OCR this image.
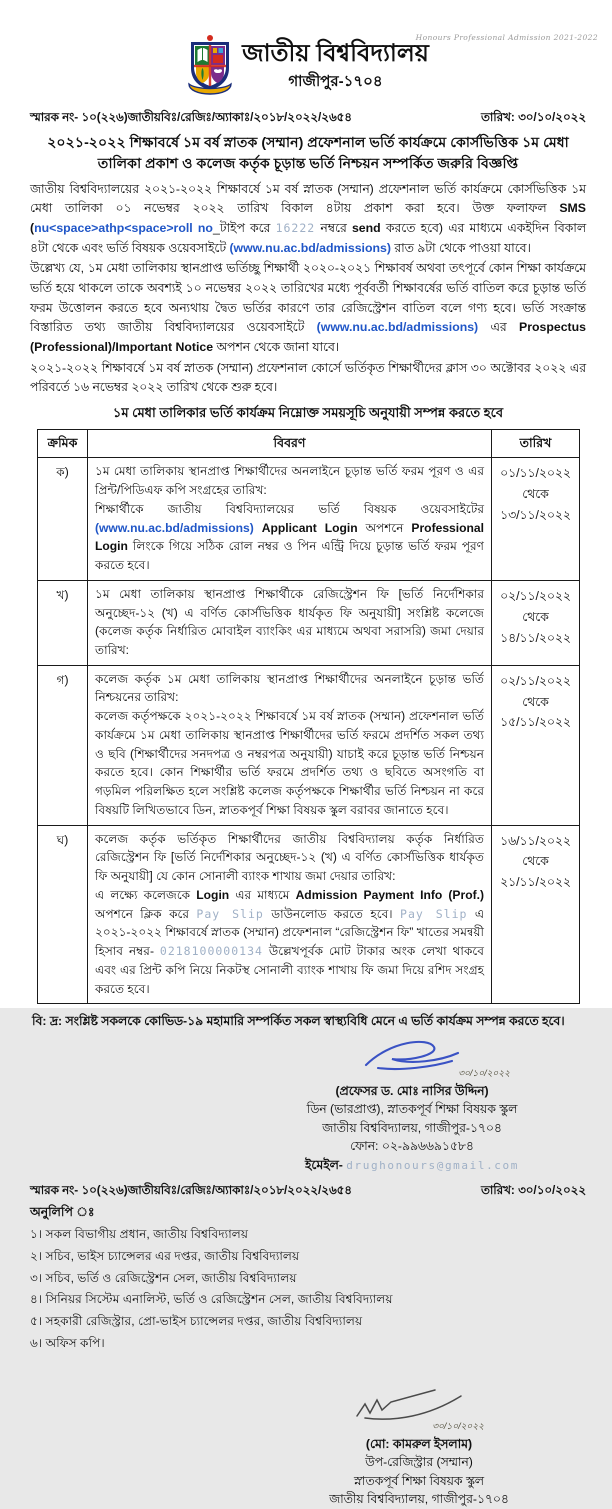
Honours Professional Admission 2021-2022
জাতীয় বিশ্ববিদ্যালয়
গাজীপুর-১৭০৪
স্মারক নং- ১০(২২৬)জাতীয়বিঃ/রেজিঃ/অ্যাকাঃ/২০১৮/২০২২/২৬৫৪	তারিখ: ৩০/১০/২০২২
২০২১-২০২২ শিক্ষাবর্ষে ১ম বর্ষ স্নাতক (সম্মান) প্রফেশনাল ভর্তি কার্যক্রমে কোর্সভিত্তিক ১ম মেধা তালিকা প্রকাশ ও কলেজ কর্তৃক চূড়ান্ত ভর্তি নিশ্চয়ন সম্পর্কিত জরুরি বিজ্ঞপ্তি
জাতীয় বিশ্ববিদ্যালয়ের ২০২১-২০২২ শিক্ষাবর্ষে ১ম বর্ষ স্নাতক (সম্মান) প্রফেশনাল ভর্তি কার্যক্রমে কোর্সভিত্তিক ১ম মেধা তালিকা ০১ নভেম্বর ২০২২ তারিখ বিকাল ৪টায় প্রকাশ করা হবে। উক্ত ফলাফল SMS (nu<space>athp<space>roll no_টাইপ করে 16222 নম্বরে send করতে হবে) এর মাধ্যমে একইদিন বিকাল ৪টা থেকে এবং ভর্তি বিষয়ক ওয়েবসাইটে (www.nu.ac.bd/admissions) রাত ৯টা থেকে পাওয়া যাবে।
উল্লেখ্য যে, ১ম মেধা তালিকায় স্থানপ্রাপ্ত ভর্তিচ্ছু শিক্ষার্থী ২০২০-২০২১ শিক্ষাবর্ষ অথবা তৎপূর্বে কোন শিক্ষা কার্যক্রমে ভর্তি হয়ে থাকলে তাকে অবশ্যই ১০ নভেম্বর ২০২২ তারিখের মধ্যে পূর্ববর্তী শিক্ষাবর্ষের ভর্তি বাতিল করে চূড়ান্ত ভর্তি ফরম উত্তোলন করতে হবে অন্যথায় দ্বৈত ভর্তির কারণে তার রেজিস্ট্রেশন বাতিল বলে গণ্য হবে। ভর্তি সংক্রান্ত বিস্তারিত তথ্য জাতীয় বিশ্ববিদ্যালয়ের ওয়েবসাইটে (www.nu.ac.bd/admissions) এর Prospectus (Professional)/Important Notice অপশন থেকে জানা যাবে।
২০২১-২০২২ শিক্ষাবর্ষে ১ম বর্ষ স্নাতক (সম্মান) প্রফেশনাল কোর্সে ভর্তিকৃত শিক্ষার্থীদের ক্লাস ৩০ অক্টোবর ২০২২ এর পরিবর্তে ১৬ নভেম্বর ২০২২ তারিখ থেকে শুরু হবে।
১ম মেধা তালিকার ভর্তি কার্যক্রম নিম্নোক্ত সময়সূচি অনুযায়ী সম্পন্ন করতে হবে
ক্রমিক	বিবরণ	তারিখ
ক)	১ম মেধা তালিকায় স্থানপ্রাপ্ত শিক্ষার্থীদের অনলাইনে চূড়ান্ত ভর্তি ফরম পূরণ ও এর প্রিন্ট/পিডিএফ কপি সংগ্রহের তারিখ:
শিক্ষার্থীকে জাতীয় বিশ্ববিদ্যালয়ের ভর্তি বিষয়ক ওয়েবসাইটের (www.nu.ac.bd/admissions) Applicant Login অপশনে Professional Login লিংকে গিয়ে সঠিক রোল নম্বর ও পিন এন্ট্রি দিয়ে চূড়ান্ত ভর্তি ফরম পূরণ করতে হবে।	
০১/১১/২০২২
থেকে
১৩/১১/২০২২

খ)	১ম মেধা তালিকায় স্থানপ্রাপ্ত শিক্ষার্থীকে রেজিস্ট্রেশন ফি [ভর্তি নির্দেশিকার অনুচ্ছেদ-১২ (খ) এ বর্ণিত কোর্সভিত্তিক ধার্যকৃত ফি অনুযায়ী] সংশ্লিষ্ট কলেজে (কলেজ কর্তৃক নির্ধারিত মোবাইল ব্যাংকিং এর মাধ্যমে অথবা সরাসরি) জমা দেয়ার তারিখ:	
০২/১১/২০২২
থেকে
১৪/১১/২০২২

গ)	কলেজ কর্তৃক ১ম মেধা তালিকায় স্থানপ্রাপ্ত শিক্ষার্থীদের অনলাইনে চূড়ান্ত ভর্তি নিশ্চয়নের তারিখ:
কলেজ কর্তৃপক্ষকে ২০২১-২০২২ শিক্ষাবর্ষে ১ম বর্ষ স্নাতক (সম্মান) প্রফেশনাল ভর্তি কার্যক্রমে ১ম মেধা তালিকায় স্থানপ্রাপ্ত শিক্ষার্থীদের ভর্তি ফরমে প্রদর্শিত সকল তথ্য ও ছবি (শিক্ষার্থীদের সনদপত্র ও নম্বরপত্র অনুযায়ী) যাচাই করে চূড়ান্ত ভর্তি নিশ্চয়ন করতে হবে। কোন শিক্ষার্থীর ভর্তি ফরমে প্রদর্শিত তথ্য ও ছবিতে অসংগতি বা গড়মিল পরিলক্ষিত হলে সংশ্লিষ্ট কলেজ কর্তৃপক্ষকে শিক্ষার্থীর ভর্তি নিশ্চয়ন না করে বিষয়টি লিখিতভাবে ডিন, স্নাতকপূর্ব শিক্ষা বিষয়ক স্কুল বরাবর জানাতে হবে।	
০২/১১/২০২২
থেকে
১৫/১১/২০২২

ঘ)	কলেজ কর্তৃক ভর্তিকৃত শিক্ষার্থীদের জাতীয় বিশ্ববিদ্যালয় কর্তৃক নির্ধারিত রেজিস্ট্রেশন ফি [ভর্তি নির্দেশিকার অনুচ্ছেদ-১২ (খ) এ বর্ণিত কোর্সভিত্তিক ধার্যকৃত ফি অনুযায়ী] যে কোন সোনালী ব্যাংক শাখায় জমা দেয়ার তারিখ:
এ লক্ষ্যে কলেজকে Login এর মাধ্যমে Admission Payment Info (Prof.) অপশনে ক্লিক করে Pay Slip ডাউনলোড করতে হবে। Pay Slip এ ২০২১-২০২২ শিক্ষাবর্ষে স্নাতক (সম্মান) প্রফেশনাল “রেজিস্ট্রেশন ফি” খাতের সমন্বয়ী হিসাব নম্বর- 0218100000134 উল্লেখপূর্বক মোট টাকার অংক লেখা থাকবে এবং এর প্রিন্ট কপি নিয়ে নিকটস্থ সোনালী ব্যাংক শাখায় ফি জমা দিয়ে রশিদ সংগ্রহ করতে হবে।	
১৬/১১/২০২২
থেকে
২১/১১/২০২২
বি: দ্র: সংশ্লিষ্ট সকলকে কোভিড-১৯ মহামারি সম্পর্কিত সকল স্বাস্থ্যবিধি মেনে এ ভর্তি কার্যক্রম সম্পন্ন করতে হবে।
৩০/১০/২০২২
(প্রফেসর ড. মোঃ নাসির উদ্দিন)
ডিন (ভারপ্রাপ্ত), স্নাতকপূর্ব শিক্ষা বিষয়ক স্কুল
জাতীয় বিশ্ববিদ্যালয়, গাজীপুর-১৭০৪
ফোন: ০২-৯৯৬৬৯১৫৮৪
ইমেইল- drughonours@gmail.com
স্মারক নং- ১০(২২৬)জাতীয়বিঃ/রেজিঃ/অ্যাকাঃ/২০১৮/২০২২/২৬৫৪	তারিখ: ৩০/১০/২০২২
অনুলিপি ঃ
১। সকল বিভাগীয় প্রধান, জাতীয় বিশ্ববিদ্যালয়
২। সচিব, ভাইস চ্যান্সেলর এর দপ্তর, জাতীয় বিশ্ববিদ্যালয়
৩। সচিব, ভর্তি ও রেজিস্ট্রেশন সেল, জাতীয় বিশ্ববিদ্যালয়
৪। সিনিয়র সিস্টেম এনালিস্ট, ভর্তি ও রেজিস্ট্রেশন সেল, জাতীয় বিশ্ববিদ্যালয়
৫। সহকারী রেজিস্ট্রার, প্রো-ভাইস চ্যান্সেলর দপ্তর, জাতীয় বিশ্ববিদ্যালয়
৬। অফিস কপি।
৩০/১০/২০২২
(মো: কামরুল ইসলাম)
উপ-রেজিস্ট্রার (সম্মান)
স্নাতকপূর্ব শিক্ষা বিষয়ক স্কুল
জাতীয় বিশ্ববিদ্যালয়, গাজীপুর-১৭০৪
